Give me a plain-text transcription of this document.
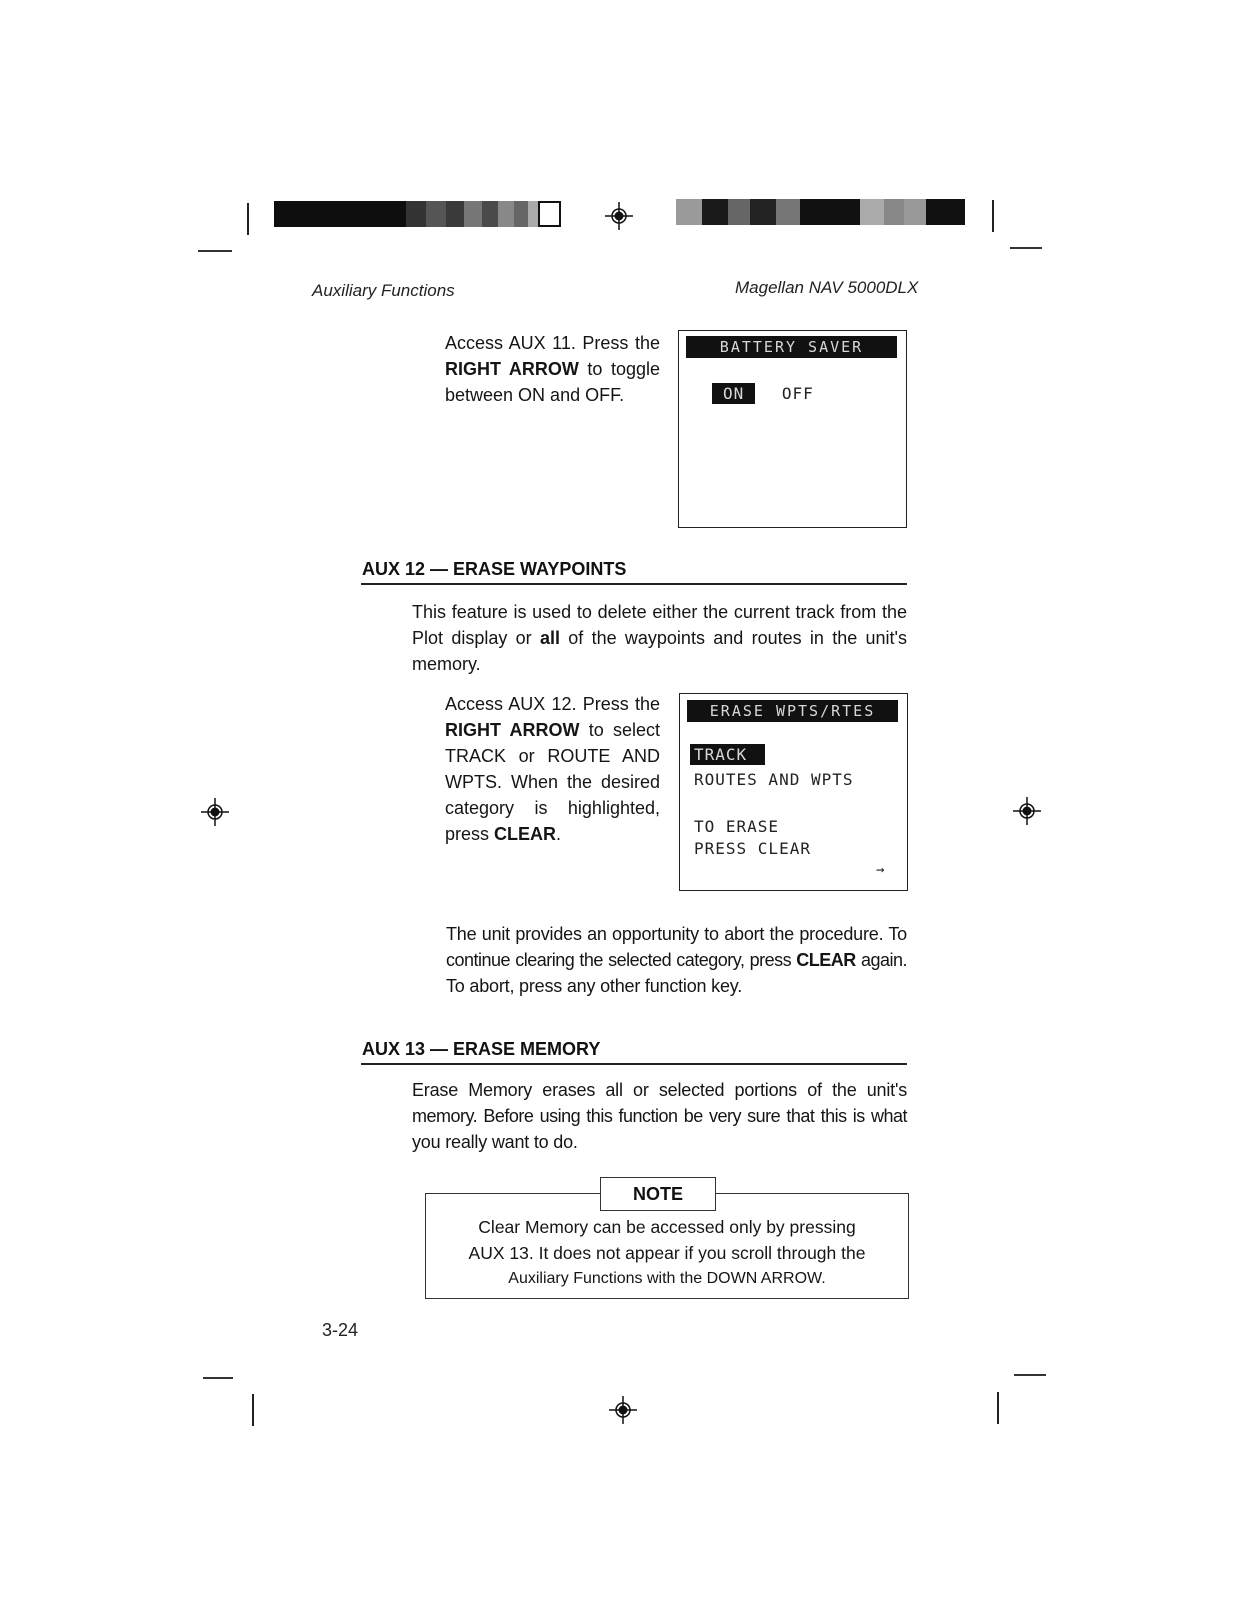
Auxiliary Functions	Magellan NAV 5000DLX
Access AUX 11. Press the
RIGHT ARROW to toggle
between ON and OFF.
BATTERY SAVER
ON OFF
AUX 12 — ERASE WAYPOINTS
This feature is used to delete either the current track from the
Plot display or all of the waypoints and routes in the unit's
memory.
Access AUX 12. Press the
RIGHT ARROW to select
TRACK or ROUTE AND
WPTS. When the desired
category is highlighted,
press CLEAR.
ERASE WPTS/RTES
TRACK
ROUTES AND WPTS
TO ERASE
PRESS CLEAR
→
The unit provides an opportunity to abort the procedure. To
continue clearing the selected category, press CLEAR again.
To abort, press any other function key.
AUX 13 — ERASE MEMORY
Erase Memory erases all or selected portions of the unit's
memory. Before using this function be very sure that this is what
you really want to do.
NOTE
Clear Memory can be accessed only by pressing
AUX 13. It does not appear if you scroll through the
Auxiliary Functions with the DOWN ARROW.
3-24
